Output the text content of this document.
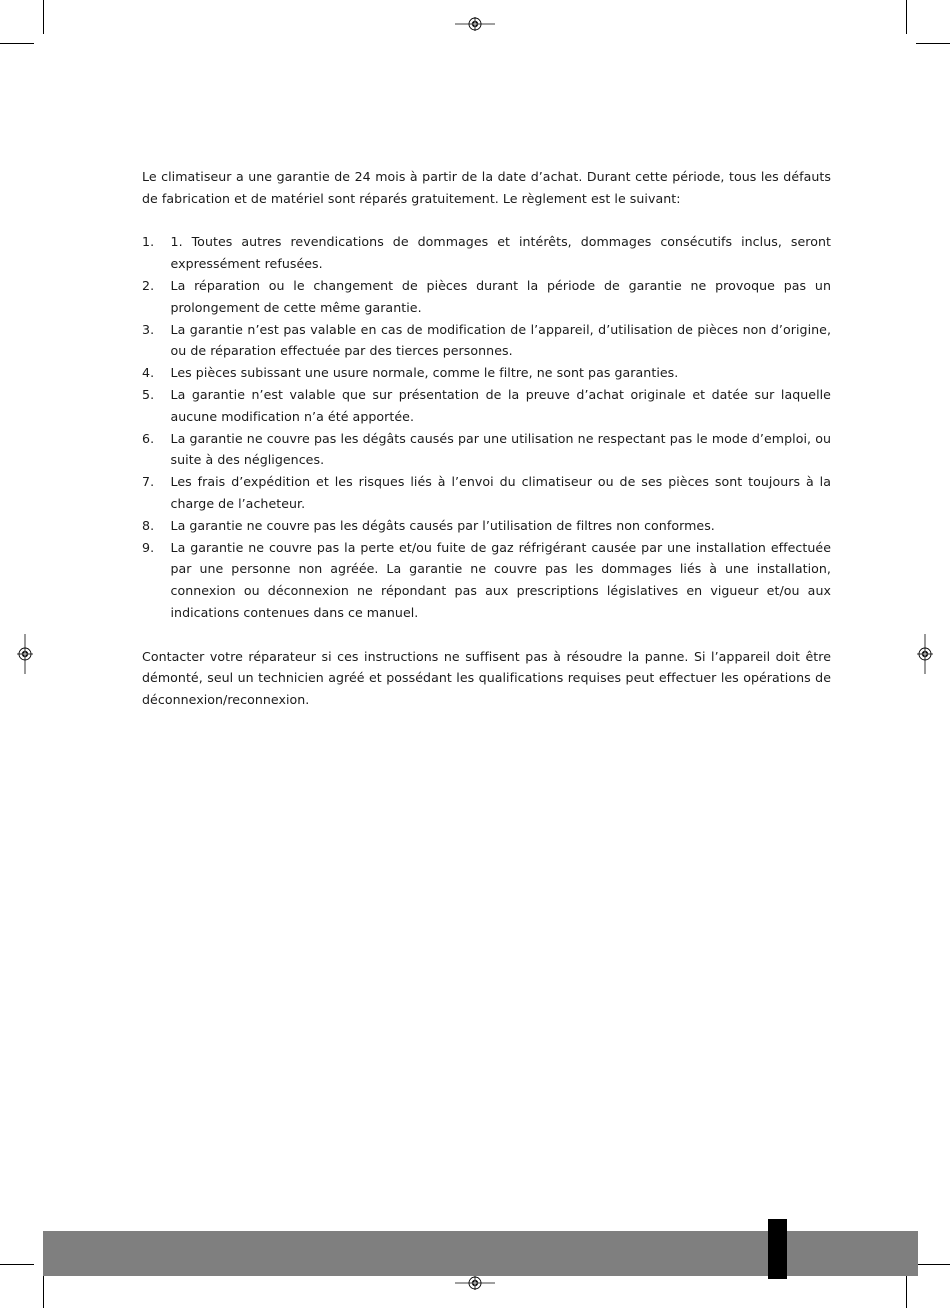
Le climatiseur a une garantie de 24 mois à partir de la date d’achat. Durant cette période, tous les défauts de fabrication et de matériel sont réparés gratuitement. Le règlement est le suivant:

1. 1. Toutes autres revendications de dommages et intérêts, dommages consécutifs inclus, seront expressément refusées.
2. La réparation ou le changement de pièces durant la période de garantie ne provoque pas un prolongement de cette même garantie.
3. La garantie n’est pas valable en cas de modification de l’appareil, d’utilisation de pièces non d’origine, ou de réparation effectuée par des tierces personnes.
4. Les pièces subissant une usure normale, comme le filtre, ne sont pas garanties.
5. La garantie n’est valable que sur présentation de la preuve d’achat originale et datée sur laquelle aucune modification n’a été apportée.
6. La garantie ne couvre pas les dégâts causés par une utilisation ne respectant pas le mode d’emploi, ou suite à des négligences.
7. Les frais d’expédition et les risques liés à l’envoi du climatiseur ou de ses pièces sont toujours à la charge de l’acheteur.
8. La garantie ne couvre pas les dégâts causés par l’utilisation de filtres non conformes.
9. La garantie ne couvre pas la perte et/ou fuite de gaz réfrigérant causée par une installation effectuée par une personne non agréée. La garantie ne couvre pas les dommages liés à une installation, connexion ou déconnexion ne répondant pas aux prescriptions législatives en vigueur et/ou aux indications contenues dans ce manuel.

Contacter votre réparateur si ces instructions ne suffisent pas à résoudre la panne. Si l’appareil doit être démonté, seul un technicien agréé et possédant les qualifications requises peut effectuer les opérations de déconnexion/reconnexion.
